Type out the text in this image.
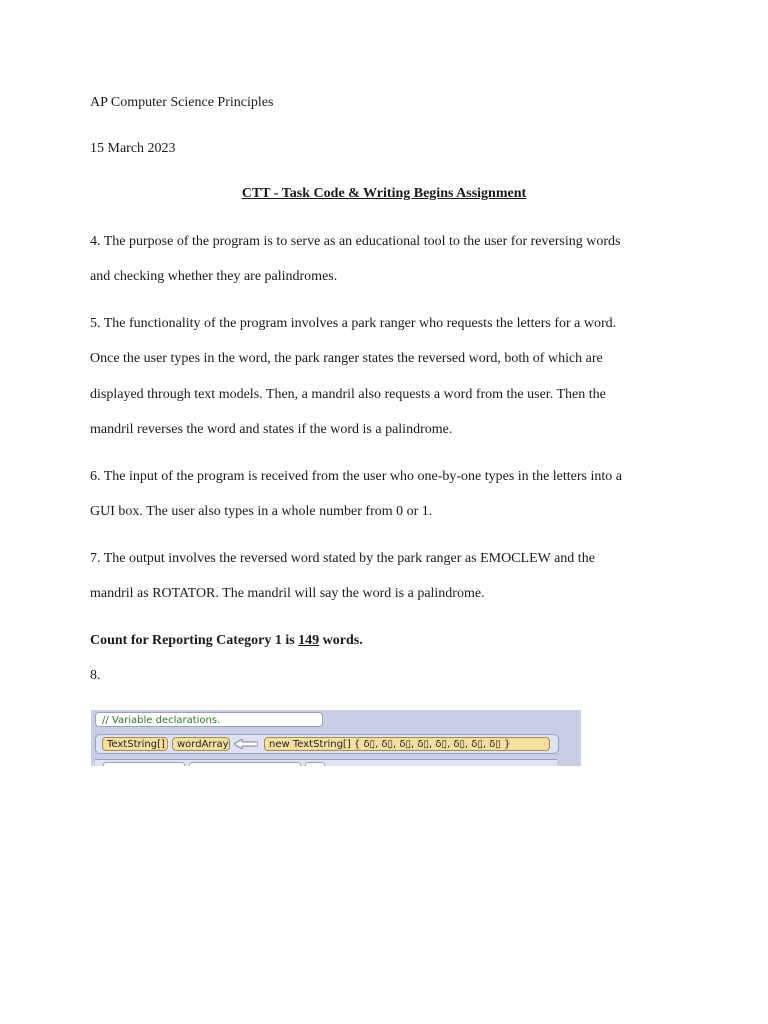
AP Computer Science Principles
15 March 2023
CTT - Task Code & Writing Begins Assignment
4. The purpose of the program is to serve as an educational tool to the user for reversing words
and checking whether they are palindromes.
5. The functionality of the program involves a park ranger who requests the letters for a word.
Once the user types in the word, the park ranger states the reversed word, both of which are
displayed through text models. Then, a mandril also requests a word from the user. Then the
mandril reverses the word and states if the word is a palindrome.
6. The input of the program is received from the user who one-by-one types in the letters into a
GUI box. The user also types in a whole number from 0 or 1.
7. The output involves the reversed word stated by the park ranger as EMOCLEW and the
mandril as ROTATOR. The mandril will say the word is a palindrome.
Count for Reporting Category 1 is 149 words.
8.
// Variable declarations.
TextString[]	wordArray	new TextString[] { δ▯, δ▯, δ▯, δ▯, δ▯, δ▯, δ▯, δ▯ }
